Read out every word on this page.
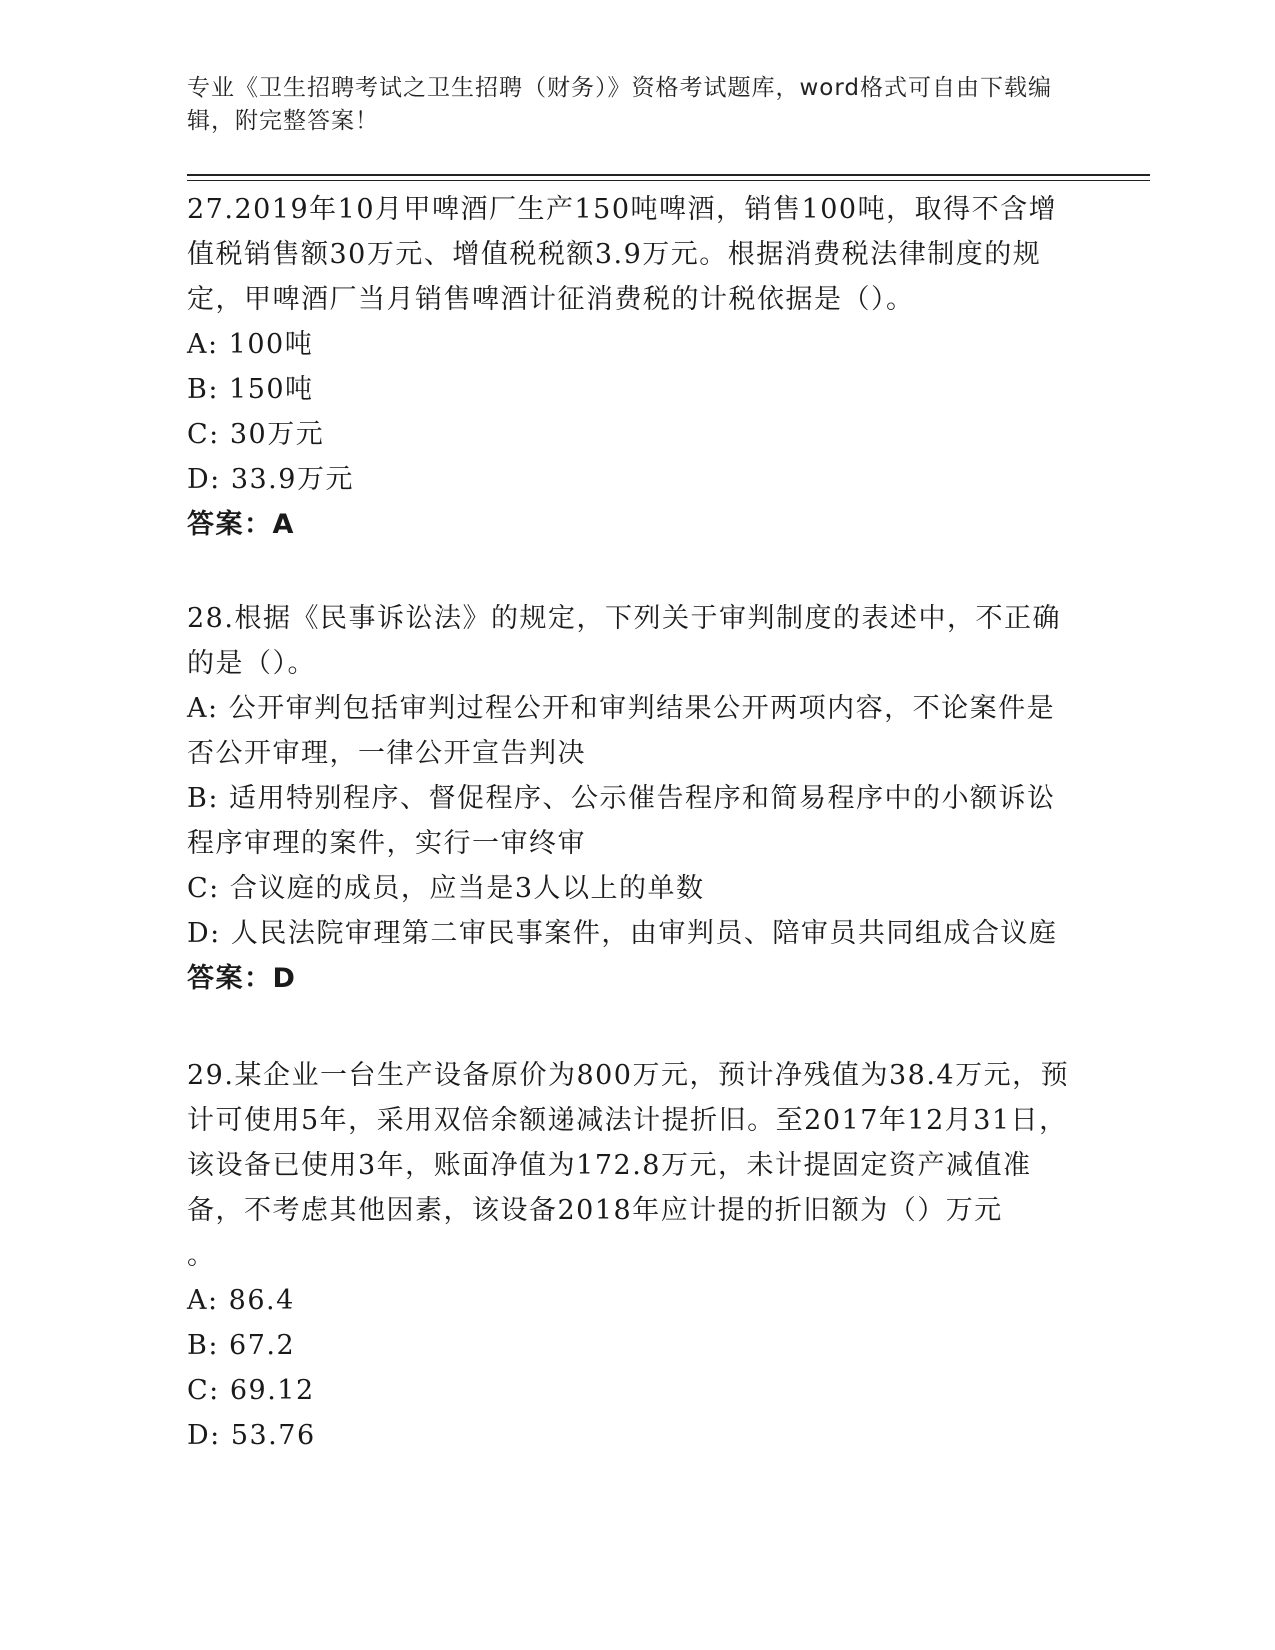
专业《卫生招聘考试之卫生招聘（财务）》资格考试题库，word格式可自由下载编辑，附完整答案！

27.2019年10月甲啤酒厂生产150吨啤酒，销售100吨，取得不含增值税销售额30万元、增值税税额3.9万元。根据消费税法律制度的规定，甲啤酒厂当月销售啤酒计征消费税的计税依据是（）。

A: 100吨

B: 150吨

C: 30万元

D: 33.9万元

答案：A

28.根据《民事诉讼法》的规定，下列关于审判制度的表述中，不正确的是（）。

A: 公开审判包括审判过程公开和审判结果公开两项内容，不论案件是否公开审理，一律公开宣告判决

B: 适用特别程序、督促程序、公示催告程序和简易程序中的小额诉讼程序审理的案件，实行一审终审

C: 合议庭的成员，应当是3人以上的单数

D: 人民法院审理第二审民事案件，由审判员、陪审员共同组成合议庭

答案：D

29.某企业一台生产设备原价为800万元，预计净残值为38.4万元，预计可使用5年，采用双倍余额递减法计提折旧。至2017年12月31日，该设备已使用3年，账面净值为172.8万元，未计提固定资产减值准备，不考虑其他因素，该设备2018年应计提的折旧额为（）万元

。

A: 86.4

B: 67.2

C: 69.12

D: 53.76
